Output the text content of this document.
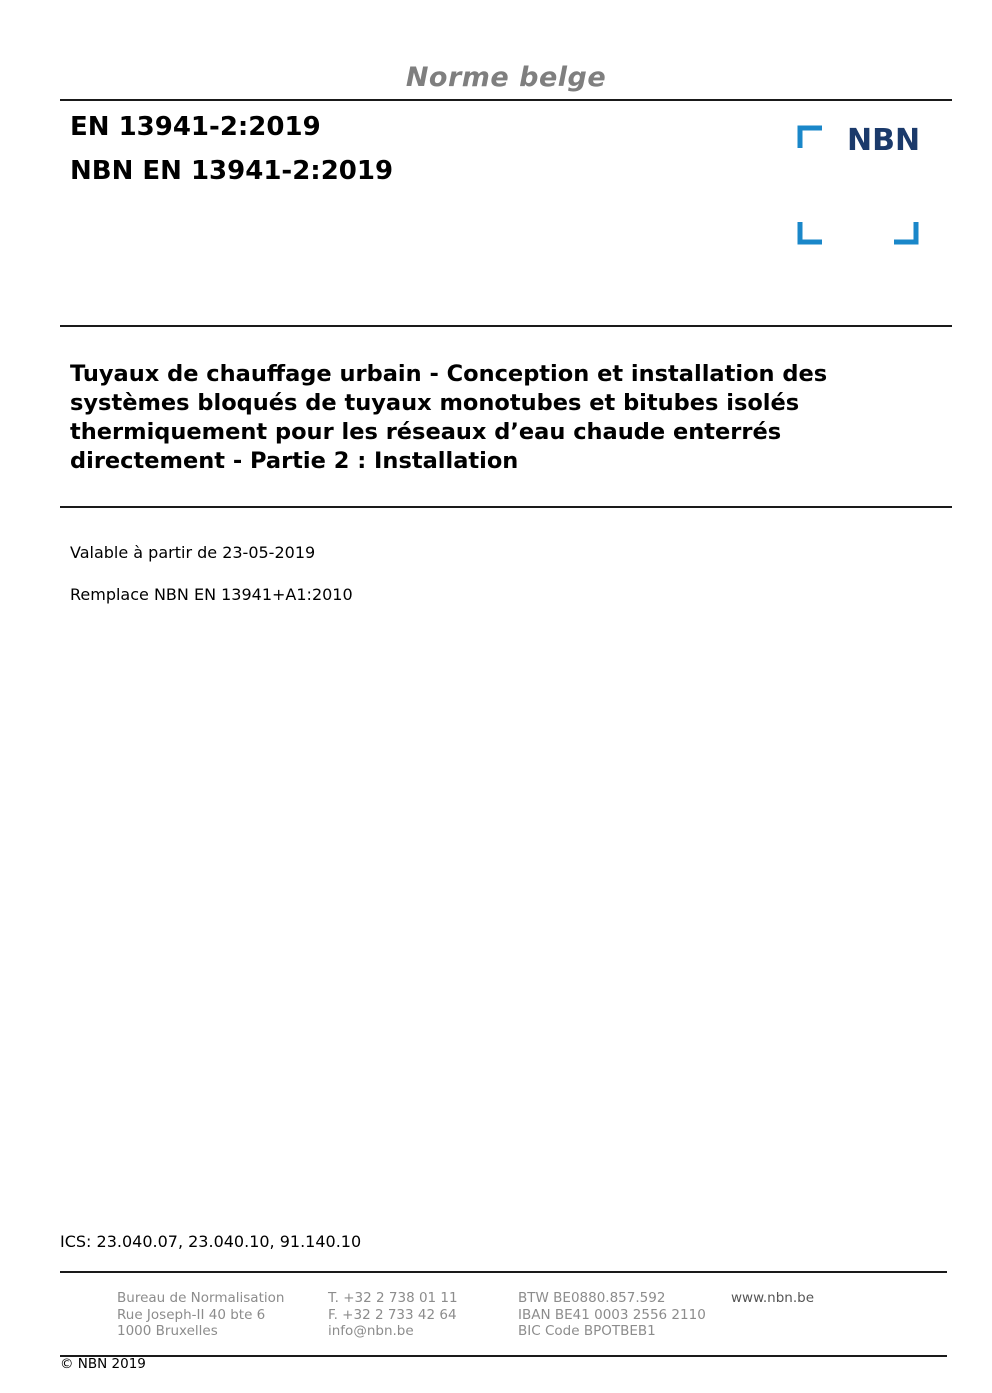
Norme belge
EN 13941-2:2019
NBN EN 13941-2:2019
NBN
Tuyaux de chauffage urbain - Conception et installation des systèmes bloqués de tuyaux monotubes et bitubes isolés thermiquement pour les réseaux d’eau chaude enterrés directement - Partie 2 : Installation
Valable à partir de 23-05-2019
Remplace NBN EN 13941+A1:2010
ICS: 23.040.07, 23.040.10, 91.140.10
Bureau de Normalisation
Rue Joseph-II 40 bte 6
1000 Bruxelles
T. +32 2 738 01 11
F. +32 2 733 42 64
info@nbn.be
BTW BE0880.857.592
IBAN BE41 0003 2556 2110
BIC Code BPOTBEB1
www.nbn.be
© NBN 2019
